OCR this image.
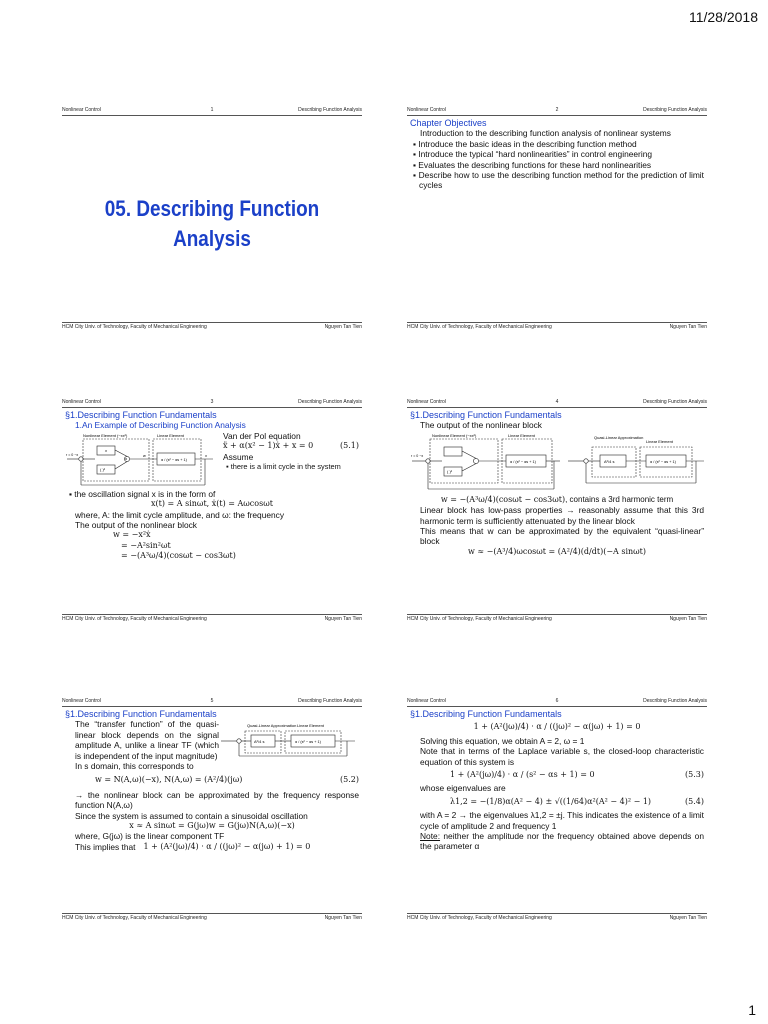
11/28/2018
Nonlinear Control	1	Describing Function Analysis
05. Describing Function
Analysis
HCM City Univ. of Technology, Faculty of Mechanical Engineering	Nguyen Tan Tien
Nonlinear Control	2	Describing Function Analysis
Chapter Objectives
Introduction to the describing function analysis of nonlinear systems
▪ Introduce the basic ideas in the describing function method
▪ Introduce the typical “hard nonlinearities” in control engineering
▪ Evaluates the describing functions for these hard nonlinearities
▪ Describe how to use the describing function method for the prediction of limit cycles
HCM City Univ. of Technology, Faculty of Mechanical Engineering	Nguyen Tan Tien
Nonlinear Control	3	Describing Function Analysis
§1.Describing Function Fundamentals
1.An Example of Describing Function Analysis
Nonlinear Element (−xx²)	Linear Element
x
( )²
×
w
α / (s² − αs + 1)
x
r = 0 −x
Van der Pol equation
ẍ + α(x² − 1)ẋ + x = 0	(5.1)
Assume
▪ there is a limit cycle in the system
▪ the oscillation signal x is in the form of
x(t) = A sinωt, ẋ(t) = Aωcosωt
where, A: the limit cycle amplitude, and ω: the frequency
The output of the nonlinear block
w = −x²ẋ
= −A²sin²ωt
= −(A³ω/4)(cosωt − cos3ωt)
HCM City Univ. of Technology, Faculty of Mechanical Engineering	Nguyen Tan Tien
Nonlinear Control	4	Describing Function Analysis
§1.Describing Function Fundamentals
The output of the nonlinear block
Nonlinear Element (−xx²)	Linear Element
( )²
α / (s² − αs + 1)
r = 0 −x
Quasi-Linear Approximation
Linear Element
A²/4 s	α / (s² − αs + 1)
w = −(A³ω/4)(cosωt − cos3ωt), contains a 3rd harmonic term
Linear block has low-pass properties → reasonably assume that this 3rd harmonic term is sufficiently attenuated by the linear block
This means that w can be approximated by the equivalent “quasi-linear” block
w ≈ −(A³/4)ωcosωt = (A²/4)(d/dt)(−A sinωt)
HCM City Univ. of Technology, Faculty of Mechanical Engineering	Nguyen Tan Tien
Nonlinear Control	5	Describing Function Analysis
§1.Describing Function Fundamentals
The “transfer function” of the quasi-linear block depends on the signal amplitude A, unlike a linear TF (which is independent of the input magnitude)
In s domain, this corresponds to
Quasi-Linear Approximation Linear Element
A²/4 s	α / (s² − αs + 1)
w = N(A,ω)(−x), N(A,ω) = (A²/4)(jω)	(5.2)
→ the nonlinear block can be approximated by the frequency response function N(A,ω)
Since the system is assumed to contain a sinusoidal oscillation
x ≈ A sinωt = G(jω)w = G(jω)N(A,ω)(−x)
where, G(jω) is the linear component TF
This implies that 1 + (A²(jω)/4) · α / ((jω)² − α(jω) + 1) = 0
HCM City Univ. of Technology, Faculty of Mechanical Engineering	Nguyen Tan Tien
Nonlinear Control	6	Describing Function Analysis
§1.Describing Function Fundamentals
1 + (A²(jω)/4) · α / ((jω)² − α(jω) + 1) = 0
Solving this equation, we obtain A = 2, ω = 1
Note that in terms of the Laplace variable s, the closed-loop characteristic equation of this system is
1 + (A²(jω)/4) · α / (s² − αs + 1) = 0	(5.3)
whose eigenvalues are
λ1,2 = −(1/8)α(A² − 4) ± √((1/64)α²(A² − 4)² − 1)	(5.4)
with A = 2 → the eigenvalues λ1,2 = ±j. This indicates the existence of a limit cycle of amplitude 2 and frequency 1
Note: neither the amplitude nor the frequency obtained above depends on the parameter α
HCM City Univ. of Technology, Faculty of Mechanical Engineering	Nguyen Tan Tien
1
